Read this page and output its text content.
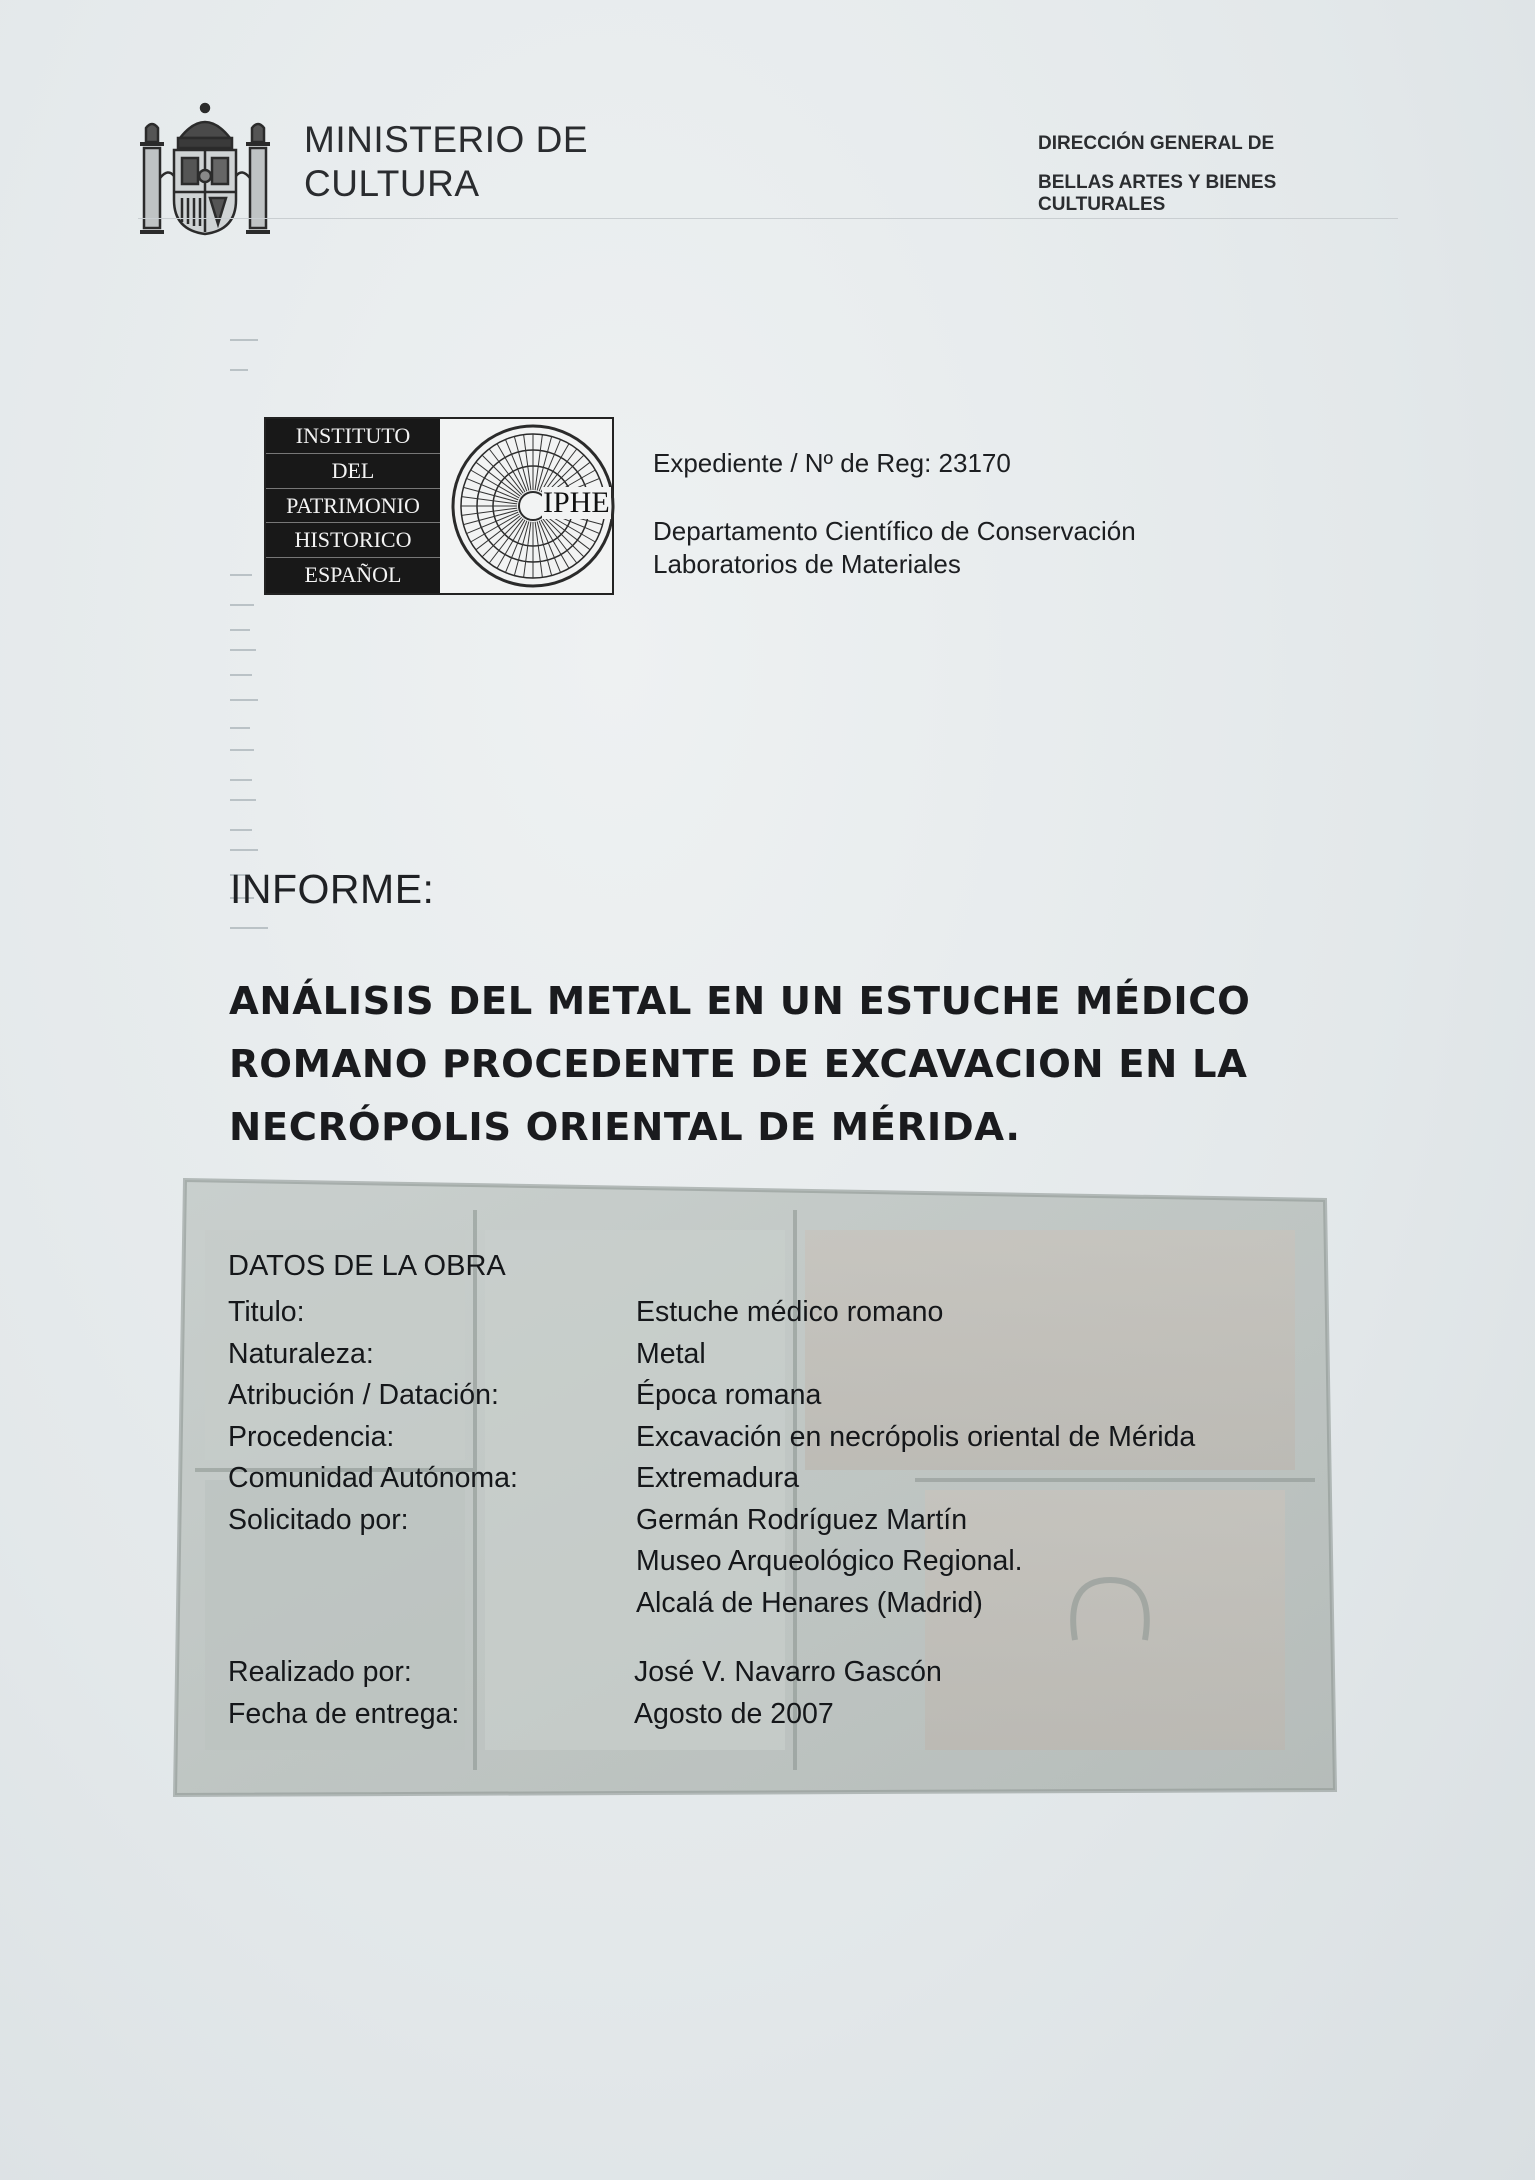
MINISTERIO DE
CULTURA
DIRECCIÓN GENERAL DE
BELLAS ARTES Y BIENES
CULTURALES
INSTITUTO
DEL
PATRIMONIO
HISTORICO
ESPAÑOL
IPHE
Expediente / Nº de Reg: 23170
Departamento Científico de Conservación
Laboratorios de Materiales
INFORME:
ANÁLISIS DEL METAL EN UN ESTUCHE MÉDICO
ROMANO PROCEDENTE DE EXCAVACION EN LA
NECRÓPOLIS ORIENTAL DE MÉRIDA.
DATOS DE LA OBRA
Titulo:
Naturaleza:
Atribución / Datación:
Procedencia:
Comunidad Autónoma:
Solicitado por:
Estuche médico romano
Metal
Época romana
Excavación en necrópolis oriental de Mérida
Extremadura
Germán Rodríguez Martín
Museo Arqueológico Regional.
Alcalá de Henares (Madrid)
Realizado por:
Fecha de entrega:
José V. Navarro Gascón
Agosto de 2007
